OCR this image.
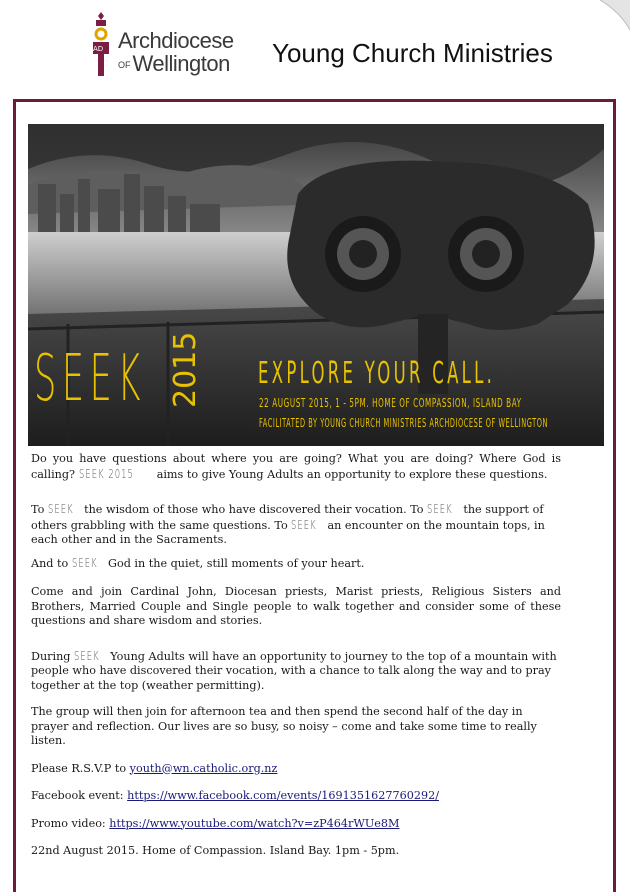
Archdiocese
OFWellington
AD	Young Church Ministries
SEEK 2015 EXPLORE YOUR CALL.
22 AUGUST 2015, 1 - 5PM. HOME OF COMPASSION, ISLAND BAY
FACILITATED BY YOUNG CHURCH MINISTRIES ARCHDIOCESE OF WELLINGTON

Do you have questions about where you are going? What you are doing? Where God is calling? SEEK 2015 aims to give Young Adults an opportunity to explore these questions.

To SEEK the wisdom of those who have discovered their vocation. To SEEK the support of others grabbling with the same questions. To SEEK an encounter on the mountain tops, in each other and in the Sacraments.

And to SEEK God in the quiet, still moments of your heart.

Come and join Cardinal John, Diocesan priests, Marist priests, Religious Sisters and Brothers, Married Couple and Single people to walk together and consider some of these questions and share wisdom and stories.

During SEEK Young Adults will have an opportunity to journey to the top of a mountain with people who have discovered their vocation, with a chance to talk along the way and to pray together at the top (weather permitting).

The group will then join for afternoon tea and then spend the second half of the day in prayer and reflection. Our lives are so busy, so noisy – come and take some time to really listen.

Please R.S.V.P to youth@wn.catholic.org.nz

Facebook event: https://www.facebook.com/events/1691351627760292/

Promo video: https://www.youtube.com/watch?v=zP464rWUe8M

22nd August 2015. Home of Compassion. Island Bay. 1pm - 5pm.
